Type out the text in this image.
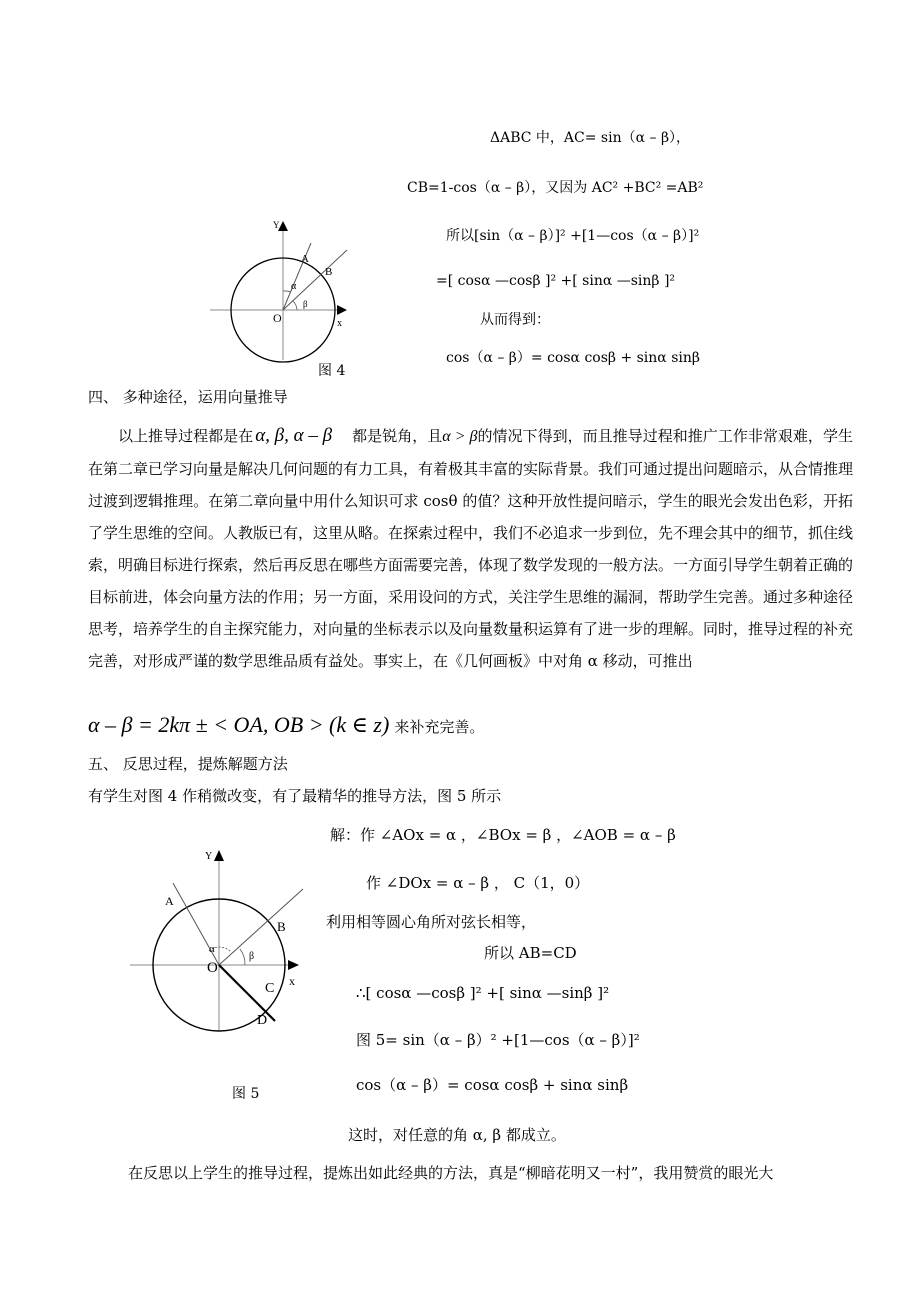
ΔABC 中，AC= sin（α – β），
CB=1-cos（α – β），又因为 AC² +BC² =AB²
所以[sin（α – β）]² +[1—cos（α – β）]²
=[ cosα —cosβ ]² +[ sinα —sinβ ]²
从而得到：
cos（α – β）= cosα cosβ + sinα sinβ
Y
x
O
A
B
α
β
图 4
四、 多种途径，运用向量推导
以上推导过程都是在 α, β, α – β 都是锐角，且α > β的情况下得到，而且推导过程和推广工作非常艰难，学生在第二章已学习向量是解决几何问题的有力工具，有着极其丰富的实际背景。我们可通过提出问题暗示，从合情推理过渡到逻辑推理。在第二章向量中用什么知识可求 cosθ 的值？这种开放性提问暗示，学生的眼光会发出色彩，开拓了学生思维的空间。人教版已有，这里从略。在探索过程中，我们不必追求一步到位，先不理会其中的细节，抓住线索，明确目标进行探索，然后再反思在哪些方面需要完善，体现了数学发现的一般方法。一方面引导学生朝着正确的目标前进，体会向量方法的作用；另一方面，采用设问的方式，关注学生思维的漏洞，帮助学生完善。通过多种途径思考，培养学生的自主探究能力，对向量的坐标表示以及向量数量积运算有了进一步的理解。同时，推导过程的补充完善，对形成严谨的数学思维品质有益处。事实上，在《几何画板》中对角 α 移动，可推出
α – β = 2kπ ± < OA, OB > (k ∈ z) 来补充完善。
五、 反思过程，提炼解题方法
有学生对图 4 作稍微改变，有了最精华的推导方法，图 5 所示
解：作 ∠AOx = α ，∠BOx = β ，∠AOB = α – β
作 ∠DOx = α – β ， C（1，0）
利用相等圆心角所对弦长相等，
所以 AB=CD
∴[ cosα —cosβ ]² +[ sinα —sinβ ]²
图 5= sin（α – β）² +[1—cos（α – β）]²
cos（α – β）= cosα cosβ + sinα sinβ
这时，对任意的角 α, β 都成立。
Y
x
O
A
B
C
D
α
β
图 5
在反思以上学生的推导过程，提炼出如此经典的方法，真是“柳暗花明又一村”，我用赞赏的眼光大
